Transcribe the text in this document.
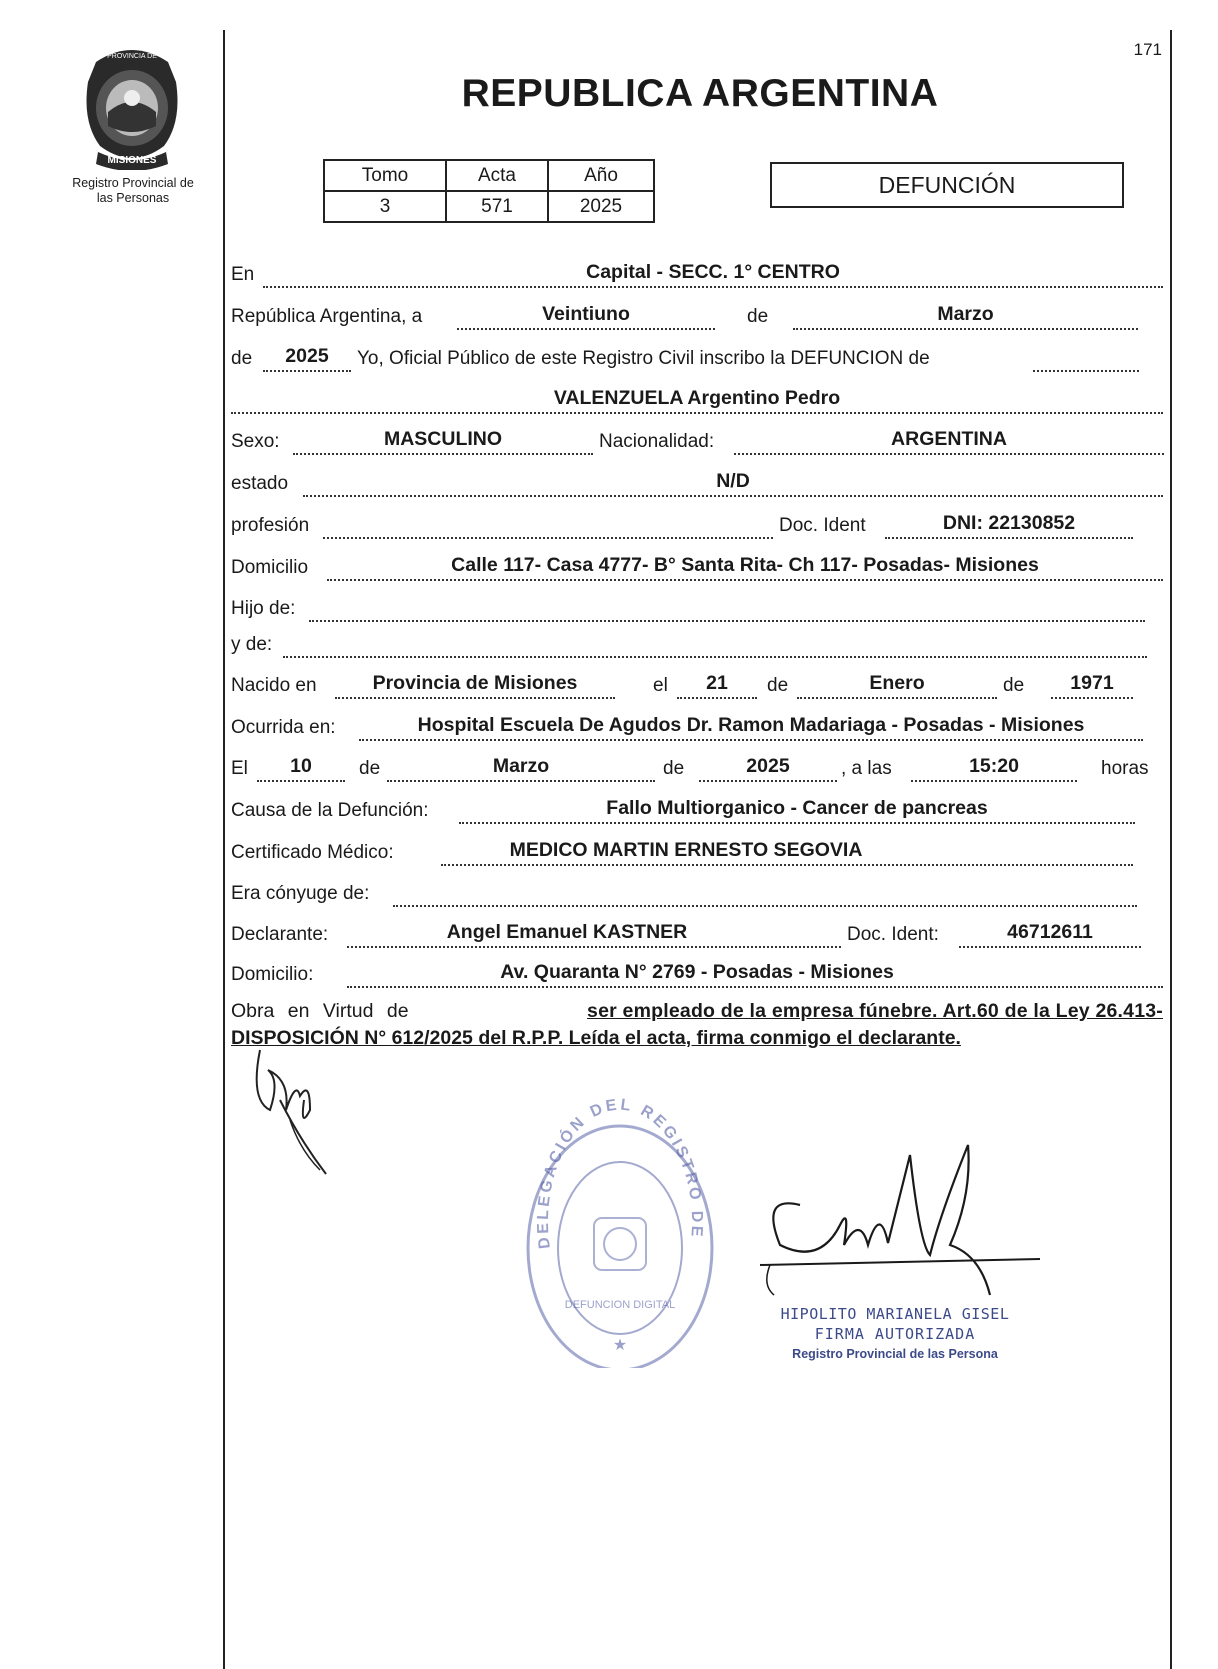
171
MISIONES
PROVINCIA DE
Registro Provincial de
las Personas
REPUBLICA ARGENTINA
Tomo	Acta	Año
3	571	2025
DEFUNCIÓN
En	Capital - SECC. 1° CENTRO
República Argentina, a	Veintiuno	de	Marzo
de	2025	Yo, Oficial Público de este Registro Civil inscribo la DEFUNCION de
VALENZUELA Argentino Pedro
Sexo:	MASCULINO	Nacionalidad:	ARGENTINA
estado	N/D
profesión	Doc. Ident	DNI: 22130852
Domicilio	Calle 117- Casa 4777- B° Santa Rita- Ch 117- Posadas- Misiones
Hijo de:
y de:
Nacido en	Provincia de Misiones	el	21	de	Enero	de	1971
Ocurrida en:	Hospital Escuela De Agudos Dr. Ramon Madariaga - Posadas - Misiones
El	10	de	Marzo	de	2025	, a las	15:20	horas
Causa de la Defunción:	Fallo Multiorganico - Cancer de pancreas
Certificado Médico:	MEDICO MARTIN ERNESTO SEGOVIA
Era cónyuge de:
Declarante:	Angel Emanuel KASTNER	Doc. Ident:	46712611
Domicilio:	Av. Quaranta N° 2769 - Posadas - Misiones
Obra en Virtud de	ser empleado de la empresa fúnebre. Art.60 de la Ley 26.413-
DISPOSICIÓN N° 612/2025 del R.P.P. Leída el acta, firma conmigo el declarante.
DELEGACIÓN DEL REGISTRO DE
DEFUNCION DIGITAL
★
HIPOLITO MARIANELA GISEL
FIRMA AUTORIZADA
Registro Provincial de las Persona
